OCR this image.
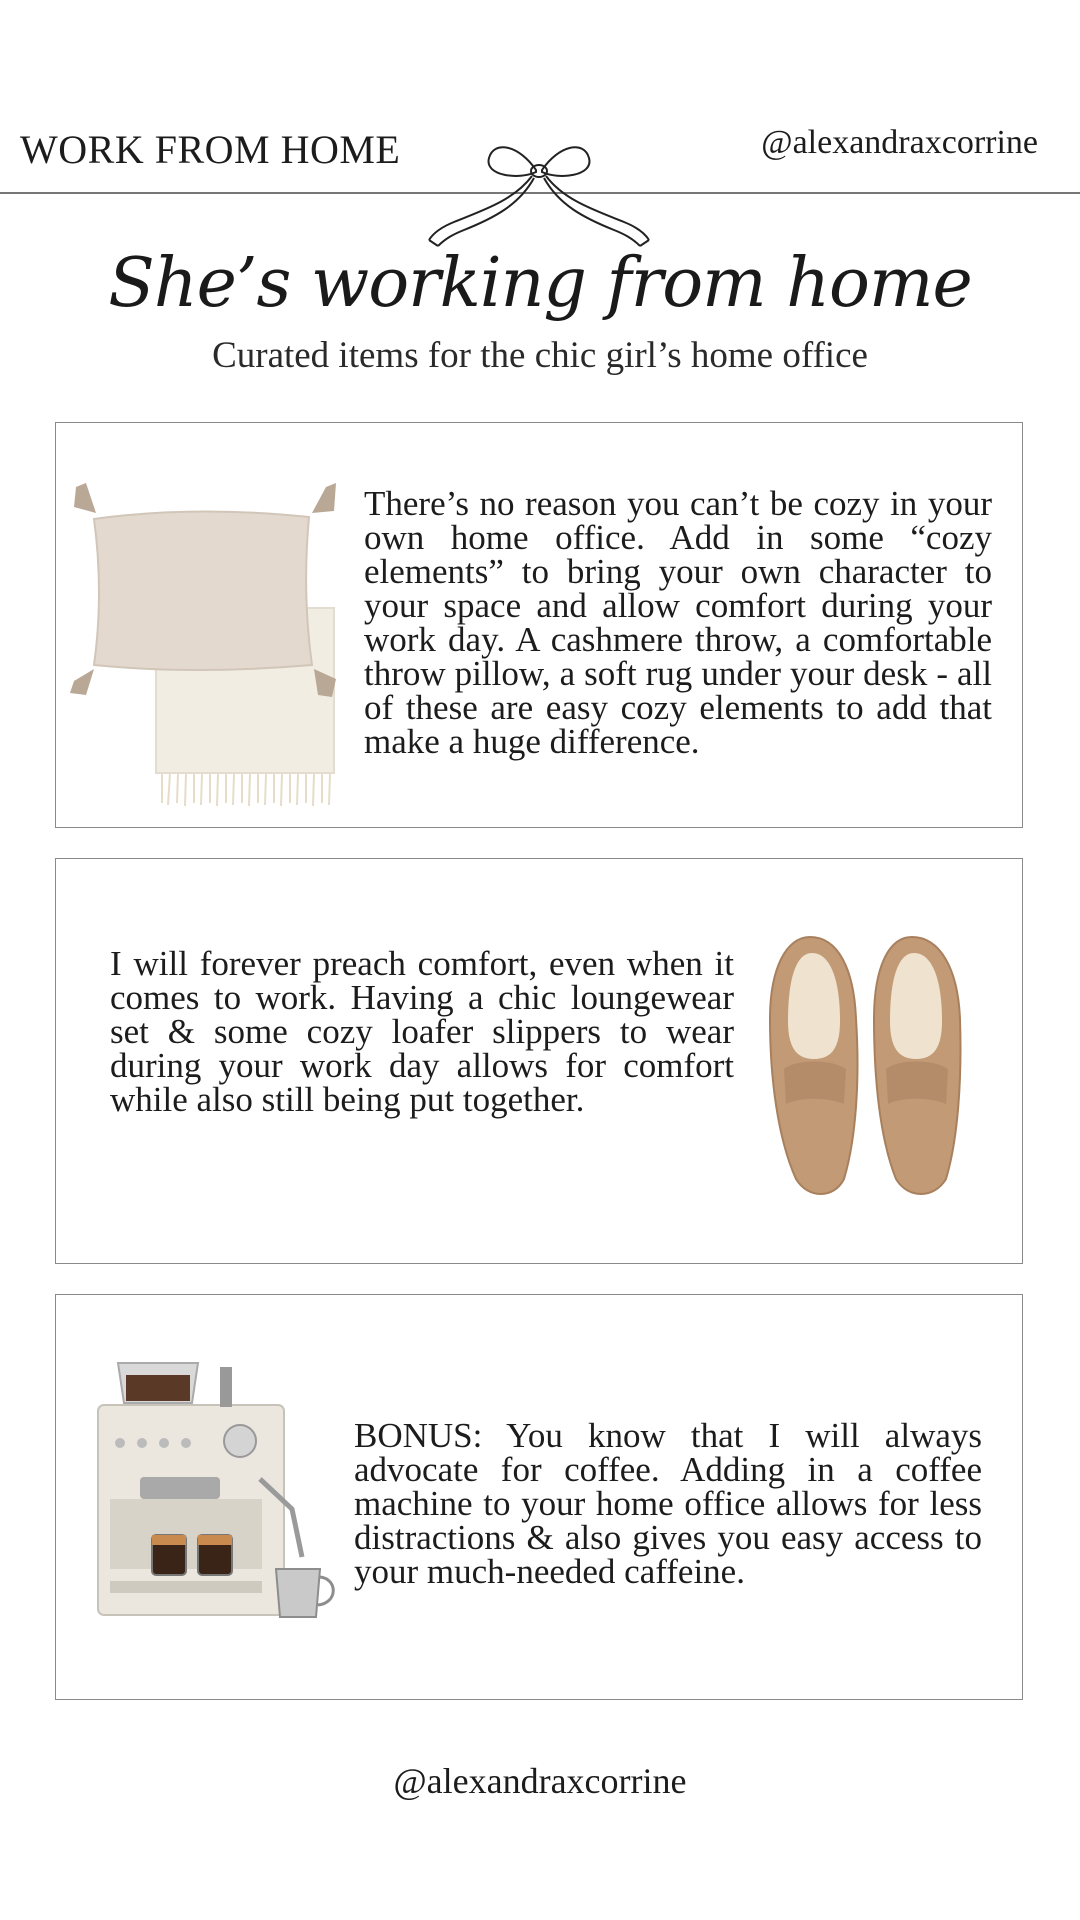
WORK FROM HOME	@alexandraxcorrine
She’s working from home
Curated items for the chic girl’s home office
There’s no reason you can’t be cozy in your own home office. Add in some “cozy elements” to bring your own character to your space and allow comfort during your work day. A cashmere throw, a comfortable throw pillow, a soft rug under your desk - all of these are easy cozy elements to add that make a huge difference.
I will forever preach comfort, even when it comes to work. Having a chic loungewear set & some cozy loafer slippers to wear during your work day allows for comfort while also still being put together.
BONUS: You know that I will always advocate for coffee. Adding in a coffee machine to your home office allows for less distractions & also gives you easy access to your much-needed caffeine.
@alexandraxcorrine
